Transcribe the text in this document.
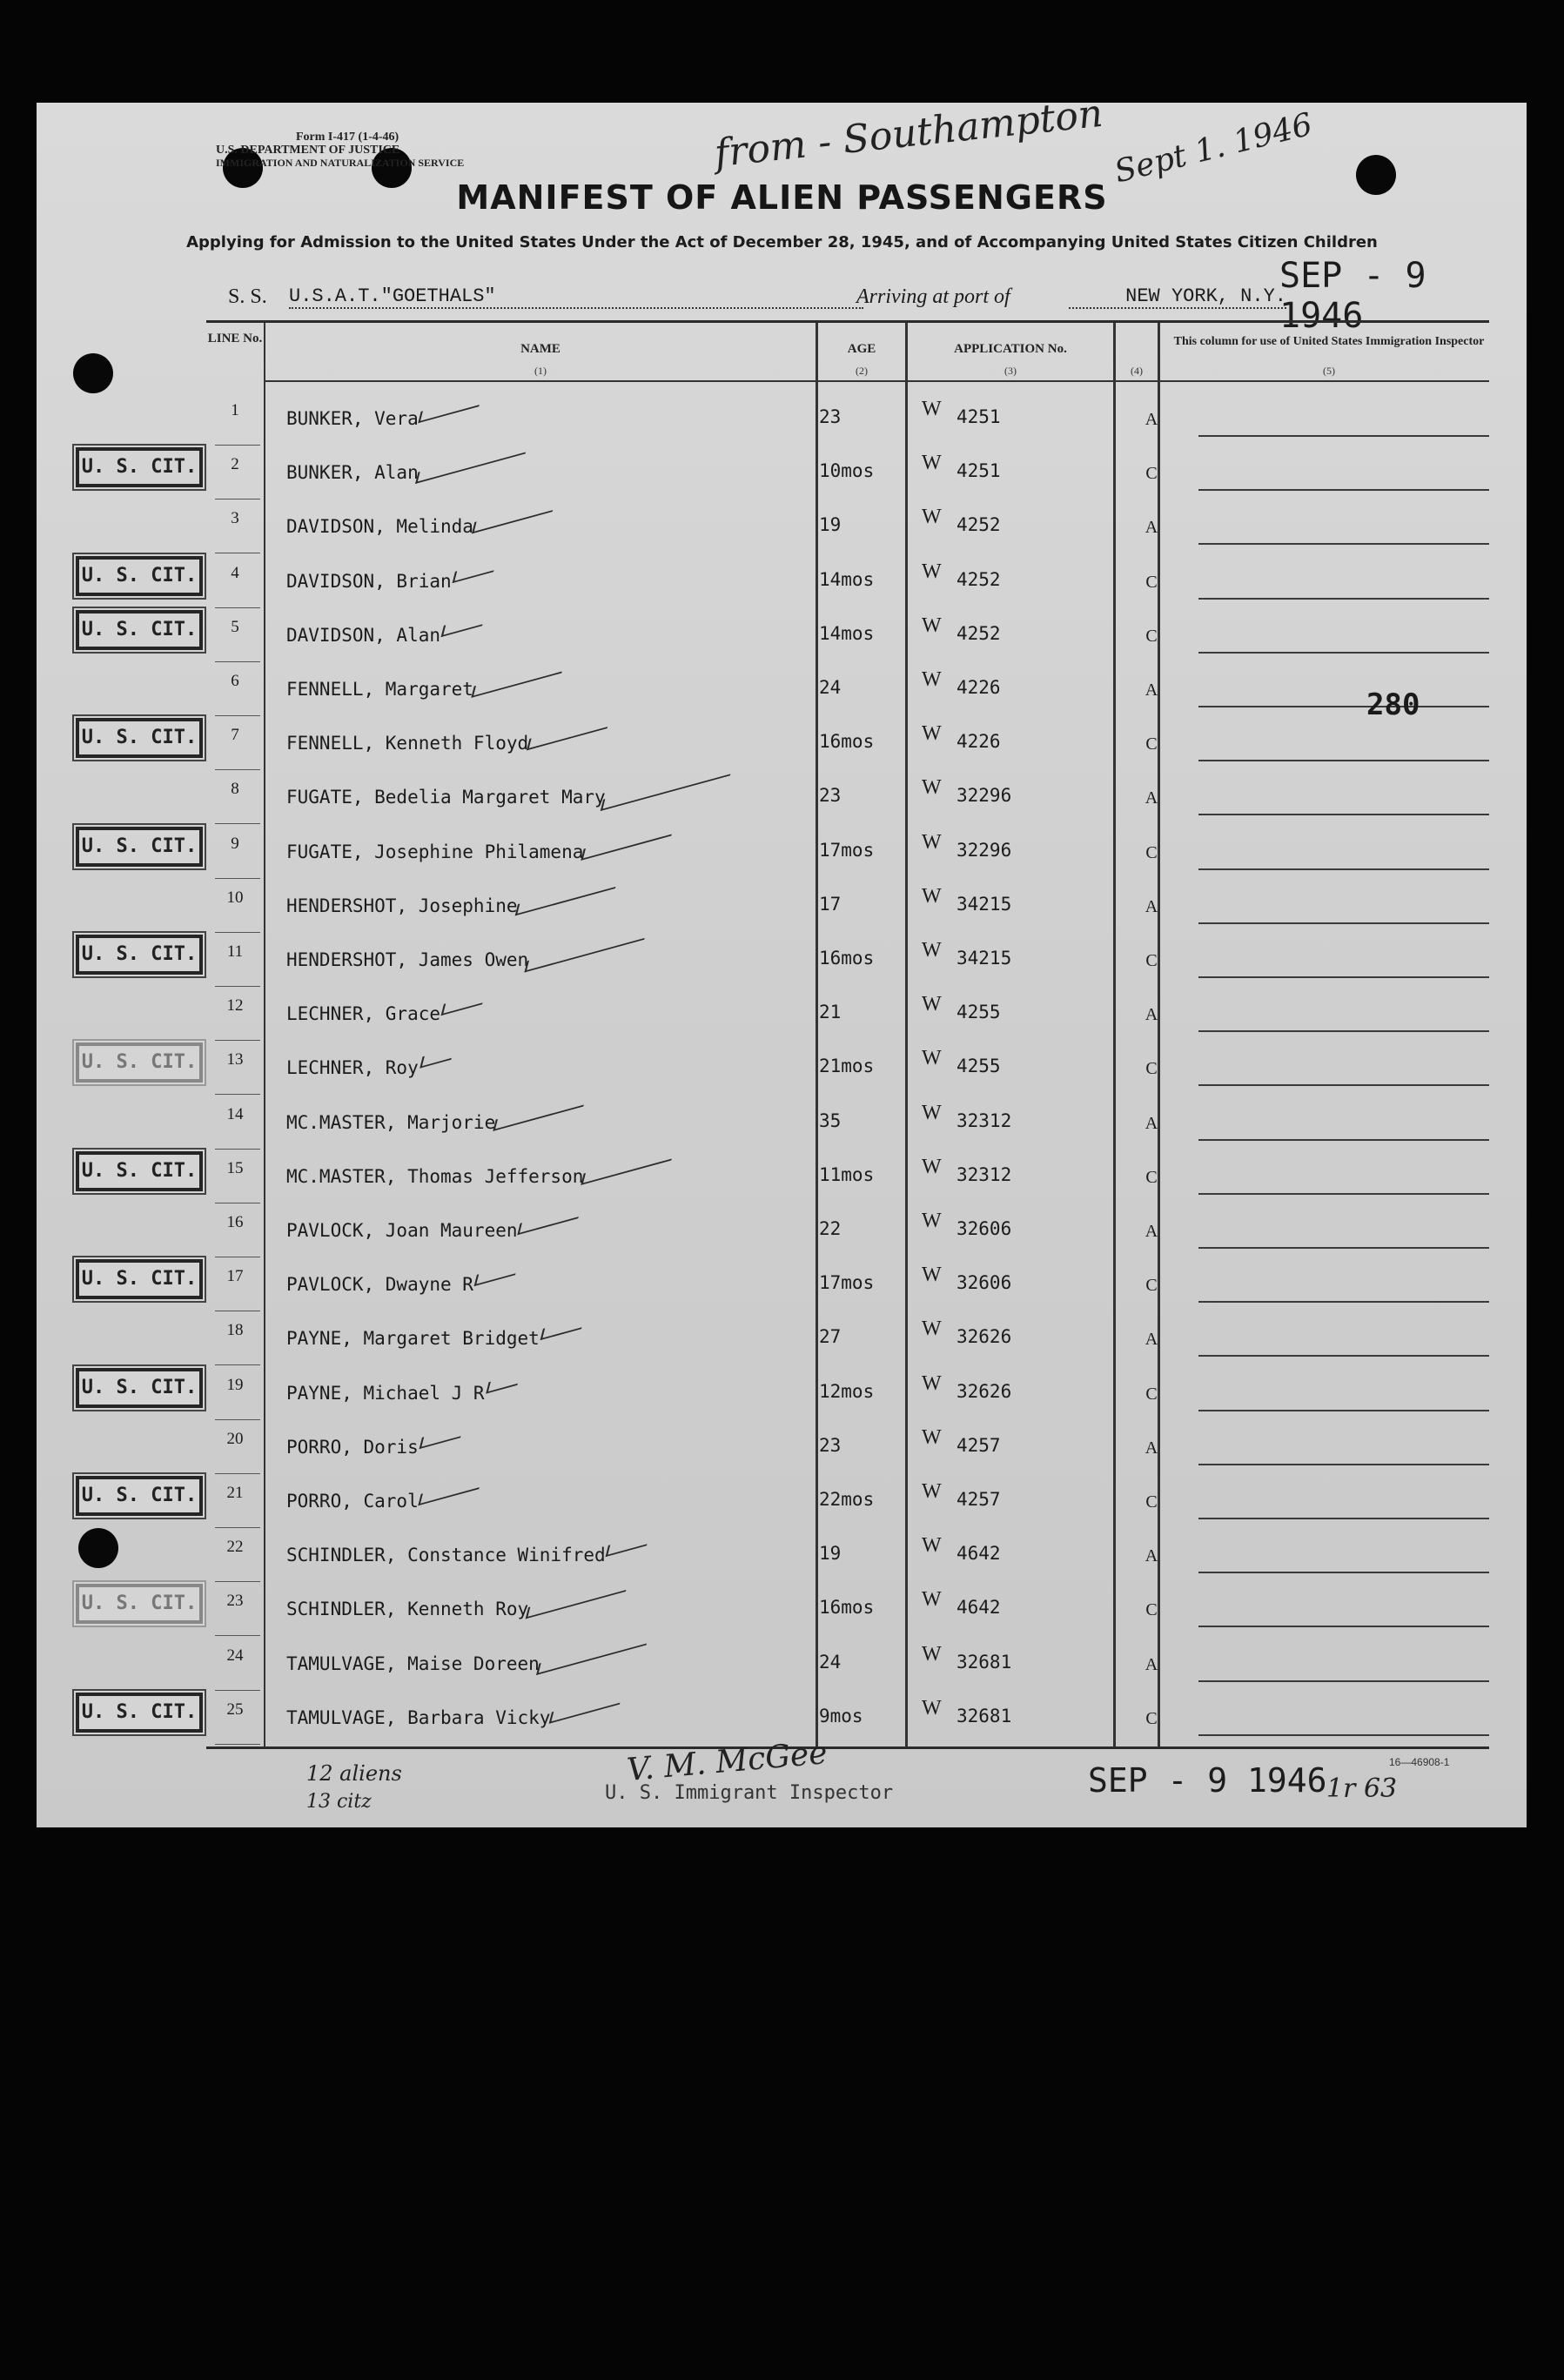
Form I-417 (1-4-46)
U.S. DEPARTMENT OF JUSTICE
IMMIGRATION AND NATURALIZATION SERVICE	from - Southampton Sept 1. 1946
MANIFEST OF ALIEN PASSENGERS
Applying for Admission to the United States Under the Act of December 28, 1945, and of Accompanying United States Citizen Children
S. S. U.S.A.T."GOETHALS"	Arriving at port of	NEW YORK, N.Y.
SEP - 9 1946
LINE No.
NAME
(1)
AGE
(2)
APPLICATION No.
(3)	(4)
This column for use of United States Immigration Inspector
(5)
1	BUNKER, Vera	23	W 4251	A
2	BUNKER, Alan	10mos W 4251	C
3	DAVIDSON, Melinda	19	W 4252	A
4	DAVIDSON, Brian	14mos W 4252	C
5	DAVIDSON, Alan	14mos W 4252	C
6	FENNELL, Margaret	24	W 4226	A
7	FENNELL, Kenneth Floyd	16mos W 4226	C
8	FUGATE, Bedelia Margaret Mary	23	W 32296	A
9	FUGATE, Josephine Philamena	17mos W 32296	C
10	HENDERSHOT, Josephine	17	W 34215	A
11	HENDERSHOT, James Owen	16mos W 34215	C
12	LECHNER, Grace	21	W 4255	A
13	LECHNER, Roy	21mos W 4255	C
14	MC.MASTER, Marjorie	35	W 32312	A
15	MC.MASTER, Thomas Jefferson	11mos W 32312	C
16	PAVLOCK, Joan Maureen	22	W 32606	A
17	PAVLOCK, Dwayne R	17mos W 32606	C
18	PAYNE, Margaret Bridget	27	W 32626	A
19	PAYNE, Michael J R	12mos W 32626	C
20	PORRO, Doris	23	W 4257	A
21	PORRO, Carol	22mos W 4257	C
22	SCHINDLER, Constance Winifred	19	W 4642	A
23	SCHINDLER, Kenneth Roy	16mos W 4642	C
24	TAMULVAGE, Maise Doreen	24	W 32681	A
25	TAMULVAGE, Barbara Vicky	9mos	W 32681	C
280
U. S. CIT.
U. S. CIT.
U. S. CIT.
U. S. CIT.
U. S. CIT.
U. S. CIT.
U. S. CIT.
U. S. CIT.
U. S. CIT.
U. S. CIT.
U. S. CIT.
U. S. CIT.
U. S. CIT.
16—46908-1
12 aliens
13 citz
V. M. McGee
U. S. Immigrant Inspector	SEP - 9 1946 1r 63
